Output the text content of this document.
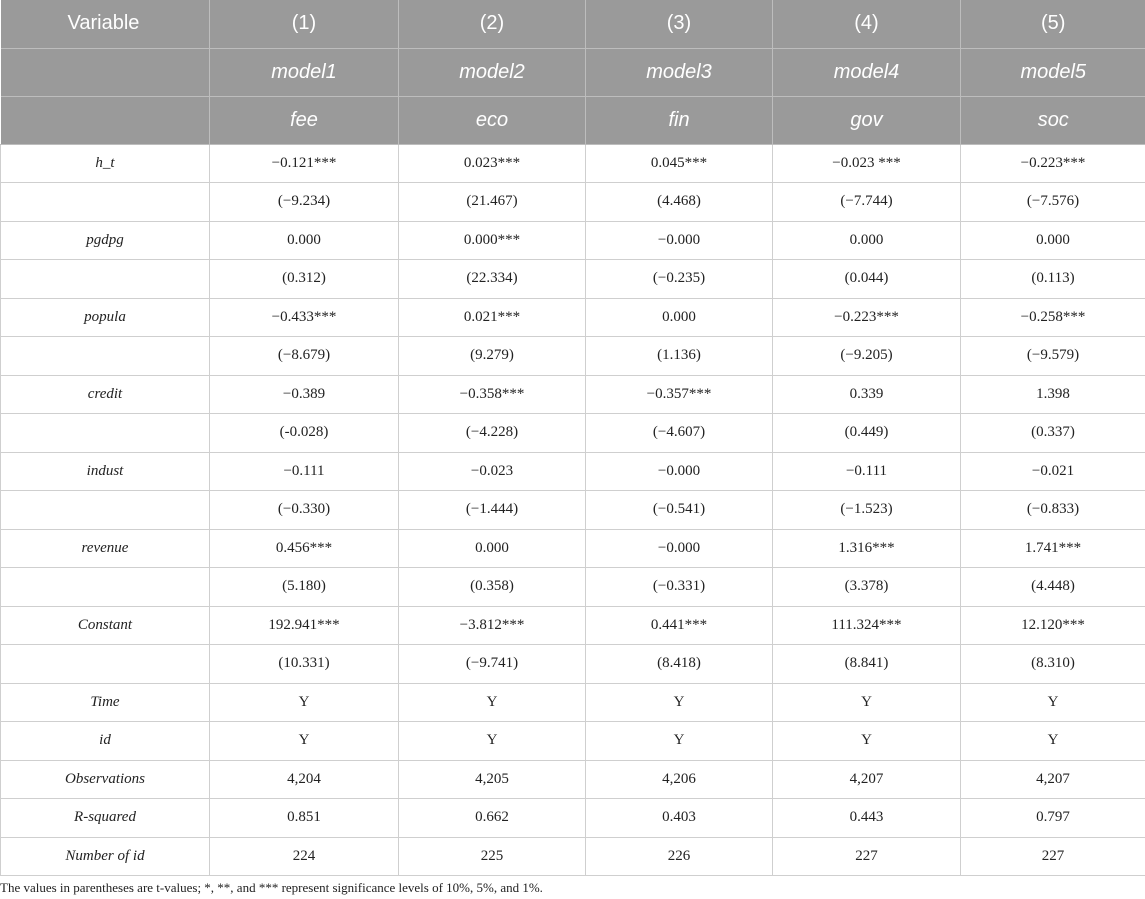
Variable	(1)	(2)	(3)	(4)	(5)
	model1	model2	model3	model4	model5
	fee	eco	fin	gov	soc
h_t	−0.121***	0.023***	0.045***	−0.023 ***	−0.223***
	(−9.234)	(21.467)	(4.468)	(−7.744)	(−7.576)
pgdpg	0.000	0.000***	−0.000	0.000	0.000
	(0.312)	(22.334)	(−0.235)	(0.044)	(0.113)
popula	−0.433***	0.021***	0.000	−0.223***	−0.258***
	(−8.679)	(9.279)	(1.136)	(−9.205)	(−9.579)
credit	−0.389	−0.358***	−0.357***	0.339	1.398
	(-0.028)	(−4.228)	(−4.607)	(0.449)	(0.337)
indust	−0.111	−0.023	−0.000	−0.111	−0.021
	(−0.330)	(−1.444)	(−0.541)	(−1.523)	(−0.833)
revenue	0.456***	0.000	−0.000	1.316***	1.741***
	(5.180)	(0.358)	(−0.331)	(3.378)	(4.448)
Constant	192.941***	−3.812***	0.441***	111.324***	12.120***
	(10.331)	(−9.741)	(8.418)	(8.841)	(8.310)
Time	Y	Y	Y	Y	Y
id	Y	Y	Y	Y	Y
Observations	4,204	4,205	4,206	4,207	4,207
R-squared	0.851	0.662	0.403	0.443	0.797
Number of id	224	225	226	227	227
The values in parentheses are t-values; *, **, and *** represent significance levels of 10%, 5%, and 1%.
